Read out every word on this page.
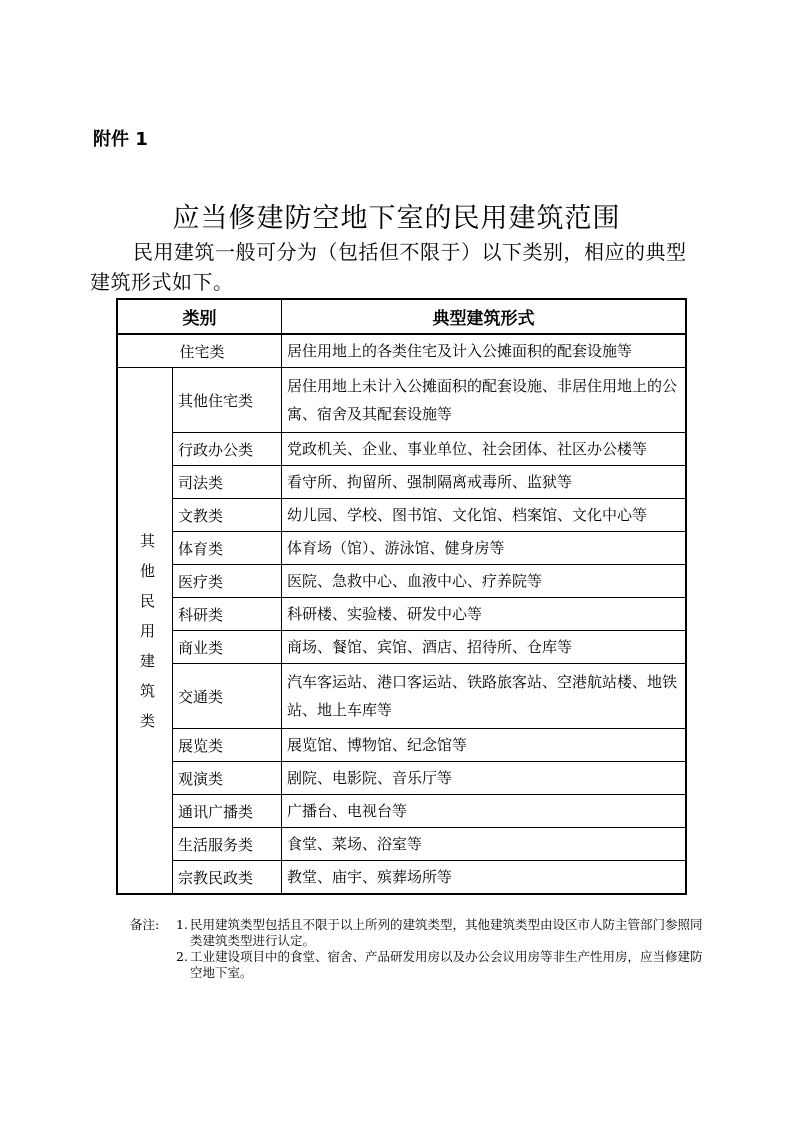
附件 1
应当修建防空地下室的民用建筑范围
民用建筑一般可分为（包括但不限于）以下类别，相应的典型建筑形式如下。
类别		典型建筑形式
住宅类		居住用地上的各类住宅及计入公摊面积的配套设施等
其他民用建筑类	其他住宅类	居住用地上未计入公摊面积的配套设施、非居住用地上的公寓、宿舍及其配套设施等
	行政办公类	党政机关、企业、事业单位、社会团体、社区办公楼等
	司法类	看守所、拘留所、强制隔离戒毒所、监狱等
	文教类	幼儿园、学校、图书馆、文化馆、档案馆、文化中心等
	体育类	体育场（馆）、游泳馆、健身房等
	医疗类	医院、急救中心、血液中心、疗养院等
	科研类	科研楼、实验楼、研发中心等
	商业类	商场、餐馆、宾馆、酒店、招待所、仓库等
	交通类	汽车客运站、港口客运站、铁路旅客站、空港航站楼、地铁站、地上车库等
	展览类	展览馆、博物馆、纪念馆等
	观演类	剧院、电影院、音乐厅等
	通讯广播类	广播台、电视台等
	生活服务类	食堂、菜场、浴室等
	宗教民政类	教堂、庙宇、殡葬场所等
备注:	1. 民用建筑类型包括且不限于以上所列的建筑类型，其他建筑类型由设区市人防主管部门参照同类建筑类型进行认定。
2. 工业建设项目中的食堂、宿舍、产品研发用房以及办公会议用房等非生产性用房，应当修建防空地下室。
